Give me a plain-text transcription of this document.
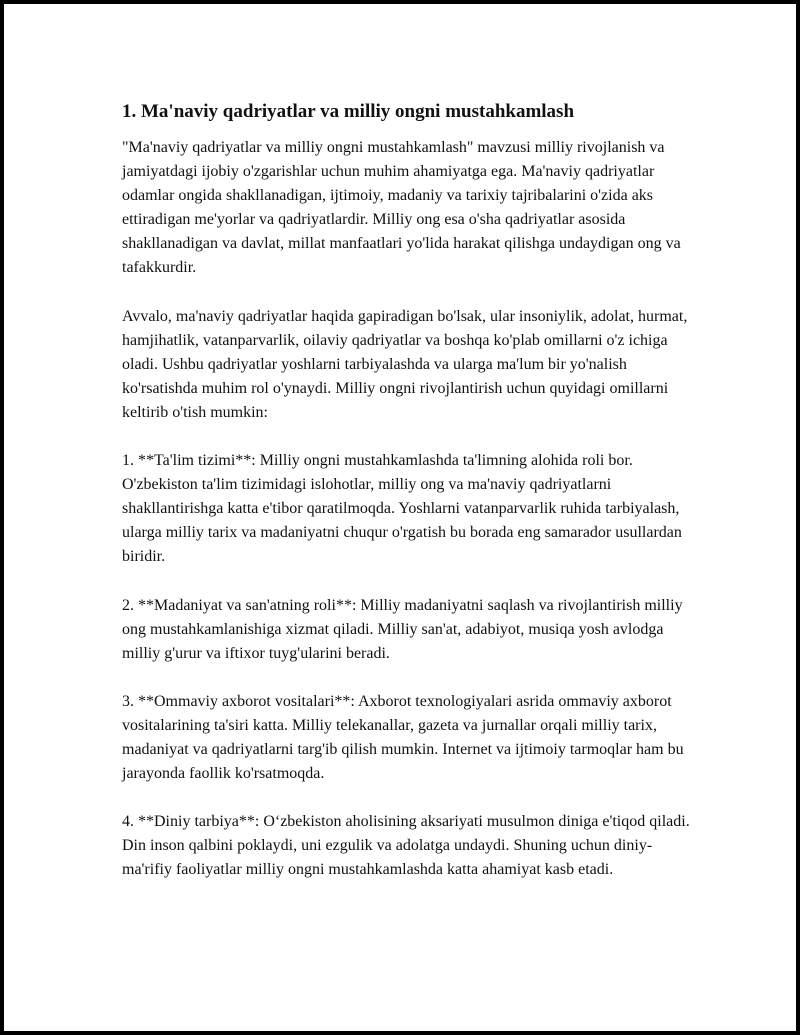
1. Ma'naviy qadriyatlar va milliy ongni mustahkamlash

"Ma'naviy qadriyatlar va milliy ongni mustahkamlash" mavzusi milliy rivojlanish va jamiyatdagi ijobiy o'zgarishlar uchun muhim ahamiyatga ega. Ma'naviy qadriyatlar odamlar ongida shakllanadigan, ijtimoiy, madaniy va tarixiy tajribalarini o'zida aks ettiradigan me'yorlar va qadriyatlardir. Milliy ong esa o'sha qadriyatlar asosida shakllanadigan va davlat, millat manfaatlari yo'lida harakat qilishga undaydigan ong va tafakkurdir.

Avvalo, ma'naviy qadriyatlar haqida gapiradigan bo'lsak, ular insoniylik, adolat, hurmat, hamjihatlik, vatanparvarlik, oilaviy qadriyatlar va boshqa ko'plab omillarni o'z ichiga oladi. Ushbu qadriyatlar yoshlarni tarbiyalashda va ularga ma'lum bir yo'nalish ko'rsatishda muhim rol o'ynaydi. Milliy ongni rivojlantirish uchun quyidagi omillarni keltirib o'tish mumkin:

1. **Ta'lim tizimi**: Milliy ongni mustahkamlashda ta'limning alohida roli bor. O'zbekiston ta'lim tizimidagi islohotlar, milliy ong va ma'naviy qadriyatlarni shakllantirishga katta e'tibor qaratilmoqda. Yoshlarni vatanparvarlik ruhida tarbiyalash, ularga milliy tarix va madaniyatni chuqur o'rgatish bu borada eng samarador usullardan biridir.

2. **Madaniyat va san'atning roli**: Milliy madaniyatni saqlash va rivojlantirish milliy ong mustahkamlanishiga xizmat qiladi. Milliy san'at, adabiyot, musiqa yosh avlodga milliy g'urur va iftixor tuyg'ularini beradi.

3. **Ommaviy axborot vositalari**: Axborot texnologiyalari asrida ommaviy axborot vositalarining ta'siri katta. Milliy telekanallar, gazeta va jurnallar orqali milliy tarix, madaniyat va qadriyatlarni targ'ib qilish mumkin. Internet va ijtimoiy tarmoqlar ham bu jarayonda faollik ko'rsatmoqda.

4. **Diniy tarbiya**: O‘zbekiston aholisining aksariyati musulmon diniga e'tiqod qiladi. Din inson qalbini poklaydi, uni ezgulik va adolatga undaydi. Shuning uchun diniy-ma'rifiy faoliyatlar milliy ongni mustahkamlashda katta ahamiyat kasb etadi.
